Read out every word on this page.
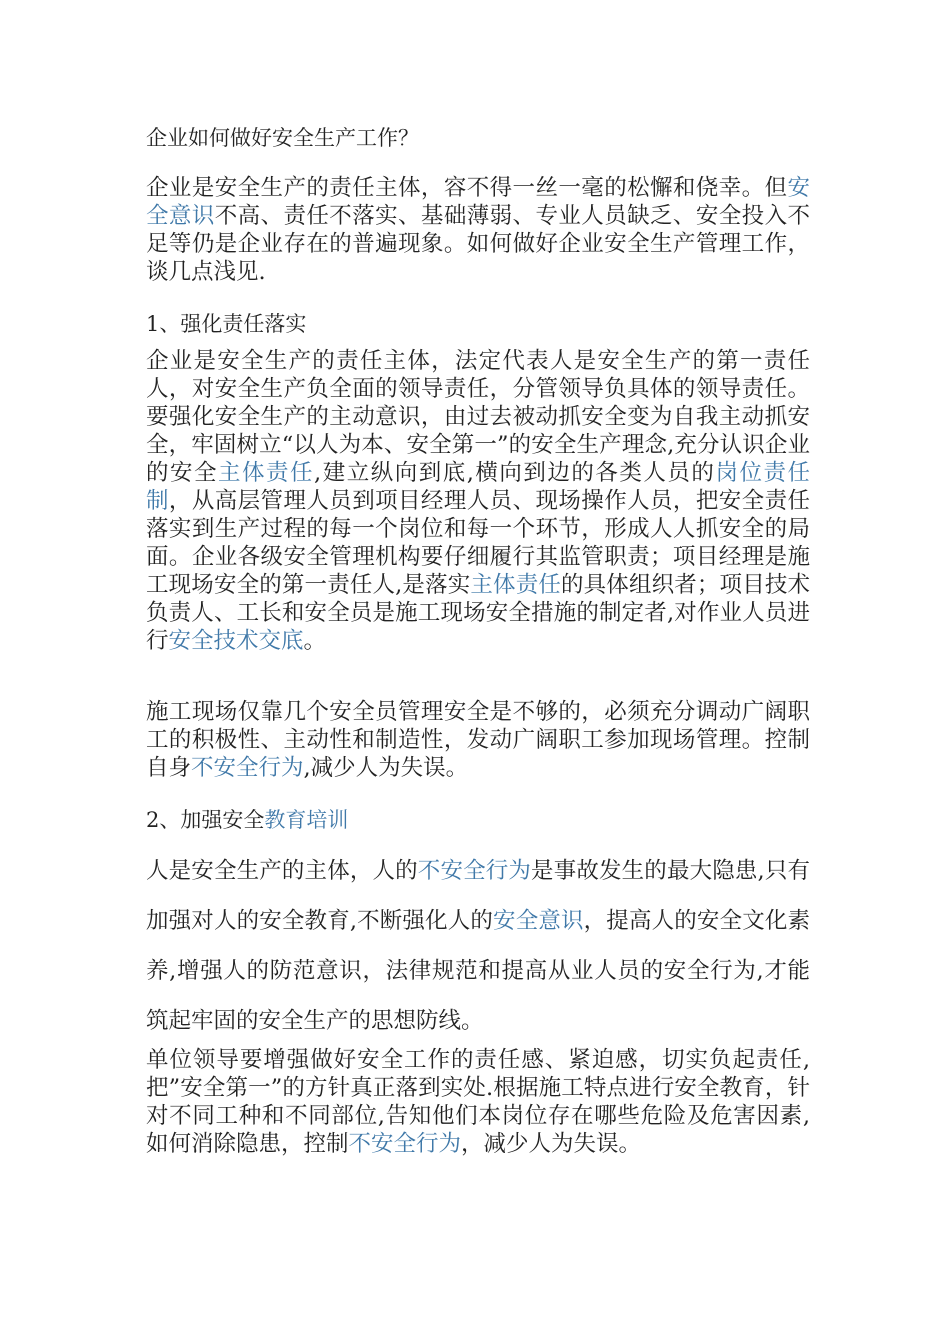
企业如何做好安全生产工作？

企业是安全生产的责任主体，容不得一丝一毫的松懈和侥幸。但安全意识不高、责任不落实、基础薄弱、专业人员缺乏、安全投入不足等仍是企业存在的普遍现象。如何做好企业安全生产管理工作，谈几点浅见.

1、强化责任落实

企业是安全生产的责任主体，法定代表人是安全生产的第一责任人，对安全生产负全面的领导责任，分管领导负具体的领导责任。要强化安全生产的主动意识，由过去被动抓安全变为自我主动抓安全，牢固树立“以人为本、安全第一”的安全生产理念,充分认识企业的安全主体责任,建立纵向到底,横向到边的各类人员的岗位责任制，从高层管理人员到项目经理人员、现场操作人员，把安全责任落实到生产过程的每一个岗位和每一个环节，形成人人抓安全的局面。企业各级安全管理机构要仔细履行其监管职责；项目经理是施工现场安全的第一责任人,是落实主体责任的具体组织者；项目技术负责人、工长和安全员是施工现场安全措施的制定者,对作业人员进行安全技术交底。

施工现场仅靠几个安全员管理安全是不够的，必须充分调动广阔职工的积极性、主动性和制造性，发动广阔职工参加现场管理。控制自身不安全行为,减少人为失误。

2、加强安全教育培训

人是安全生产的主体，人的不安全行为是事故发生的最大隐患,只有加强对人的安全教育,不断强化人的安全意识，提高人的安全文化素养,增强人的防范意识，法律规范和提高从业人员的安全行为,才能筑起牢固的安全生产的思想防线。

单位领导要增强做好安全工作的责任感、紧迫感，切实负起责任,把”安全第一”的方针真正落到实处.根据施工特点进行安全教育，针对不同工种和不同部位,告知他们本岗位存在哪些危险及危害因素,如何消除隐患，控制不安全行为，减少人为失误。
